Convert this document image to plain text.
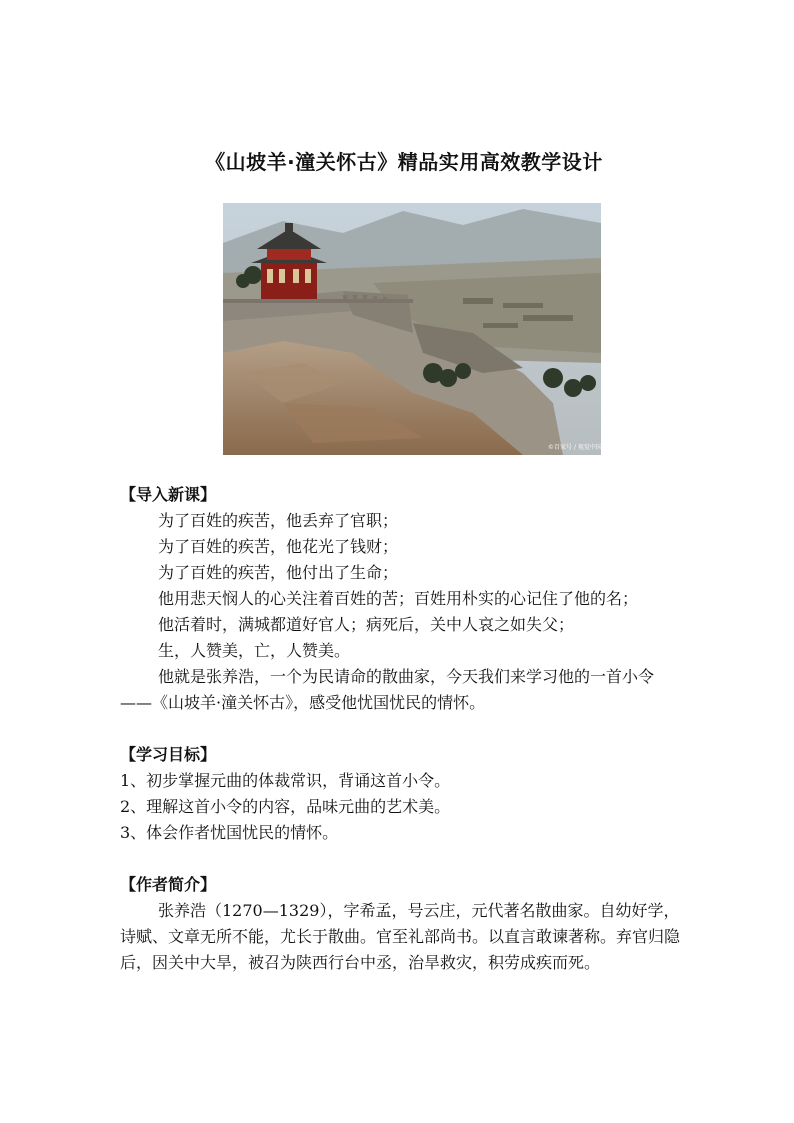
《山坡羊·潼关怀古》精品实用高效教学设计
©百家号 / 视觉中国
【导入新课】

为了百姓的疾苦，他丢弃了官职；

为了百姓的疾苦，他花光了钱财；

为了百姓的疾苦，他付出了生命；

他用悲天悯人的心关注着百姓的苦；百姓用朴实的心记住了他的名；

他活着时，满城都道好官人；病死后，关中人哀之如失父；

生，人赞美，亡，人赞美。

他就是张养浩，一个为民请命的散曲家，今天我们来学习他的一首小令——《山坡羊·潼关怀古》，感受他忧国忧民的情怀。

【学习目标】

1、初步掌握元曲的体裁常识，背诵这首小令。

2、理解这首小令的内容，品味元曲的艺术美。

3、体会作者忧国忧民的情怀。

【作者简介】

张养浩（1270—1329），字希孟，号云庄，元代著名散曲家。自幼好学，诗赋、文章无所不能，尤长于散曲。官至礼部尚书。以直言敢谏著称。弃官归隐后，因关中大旱，被召为陕西行台中丞，治旱救灾，积劳成疾而死。
